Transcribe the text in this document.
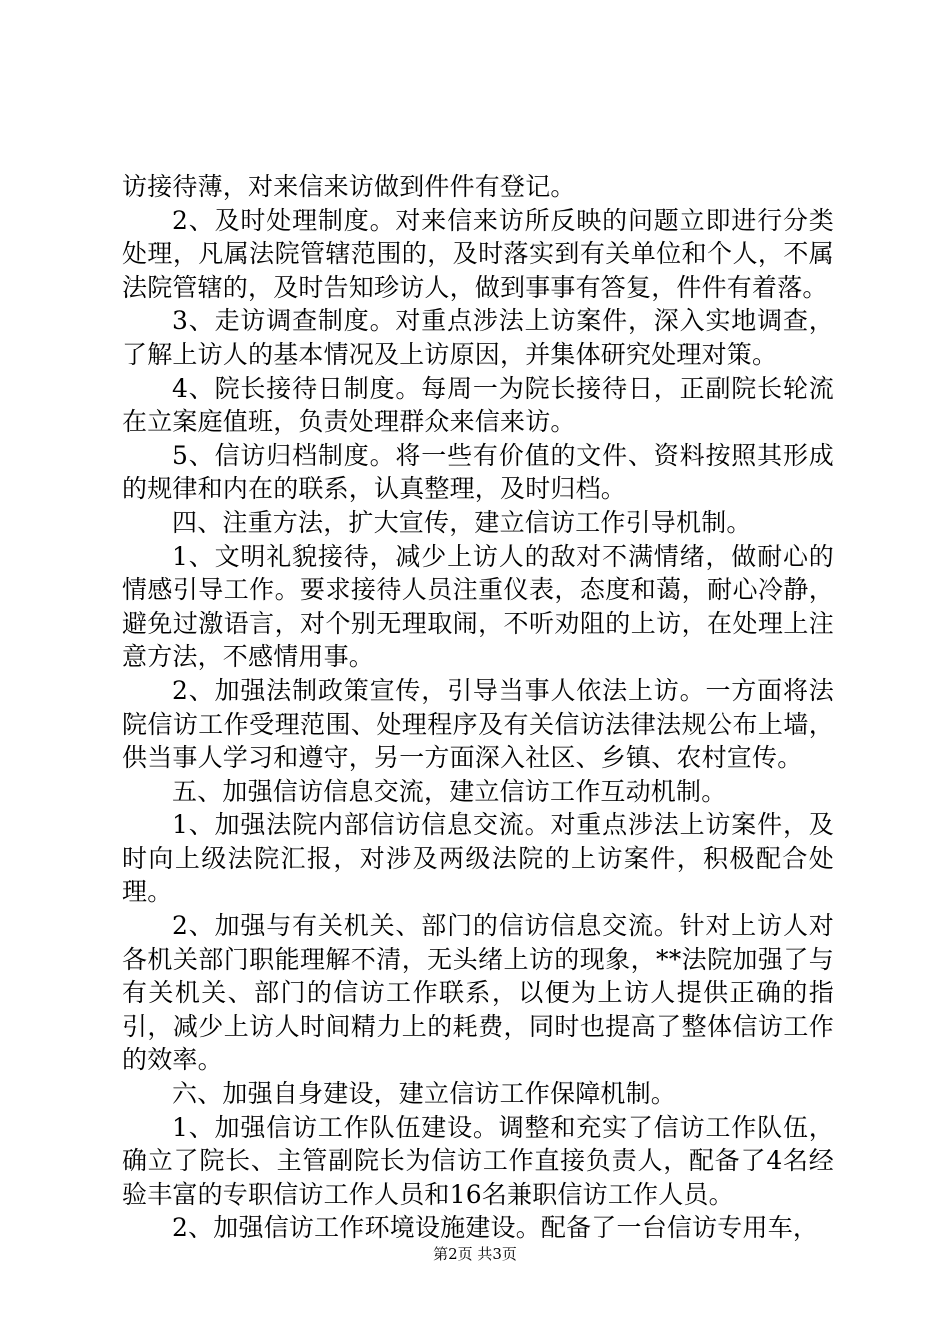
访接待薄，对来信来访做到件件有登记。

2、及时处理制度。对来信来访所反映的问题立即进行分类处理，凡属法院管辖范围的，及时落实到有关单位和个人，不属法院管辖的，及时告知珍访人，做到事事有答复，件件有着落。

3、走访调查制度。对重点涉法上访案件，深入实地调查，了解上访人的基本情况及上访原因，并集体研究处理对策。

4、院长接待日制度。每周一为院长接待日，正副院长轮流在立案庭值班，负责处理群众来信来访。

5、信访归档制度。将一些有价值的文件、资料按照其形成的规律和内在的联系，认真整理，及时归档。

四、注重方法，扩大宣传，建立信访工作引导机制。

1、文明礼貌接待，减少上访人的敌对不满情绪，做耐心的情感引导工作。要求接待人员注重仪表，态度和蔼，耐心冷静，避免过激语言，对个别无理取闹，不听劝阻的上访，在处理上注意方法，不感情用事。

2、加强法制政策宣传，引导当事人依法上访。一方面将法院信访工作受理范围、处理程序及有关信访法律法规公布上墙，供当事人学习和遵守，另一方面深入社区、乡镇、农村宣传。

五、加强信访信息交流，建立信访工作互动机制。

1、加强法院内部信访信息交流。对重点涉法上访案件，及时向上级法院汇报，对涉及两级法院的上访案件，积极配合处理。

2、加强与有关机关、部门的信访信息交流。针对上访人对各机关部门职能理解不清，无头绪上访的现象，**法院加强了与有关机关、部门的信访工作联系，以便为上访人提供正确的指引，减少上访人时间精力上的耗费，同时也提高了整体信访工作的效率。

六、加强自身建设，建立信访工作保障机制。

1、加强信访工作队伍建设。调整和充实了信访工作队伍，确立了院长、主管副院长为信访工作直接负责人，配备了4名经验丰富的专职信访工作人员和16名兼职信访工作人员。

2、加强信访工作环境设施建设。配备了一台信访专用车，

第2页 共3页
